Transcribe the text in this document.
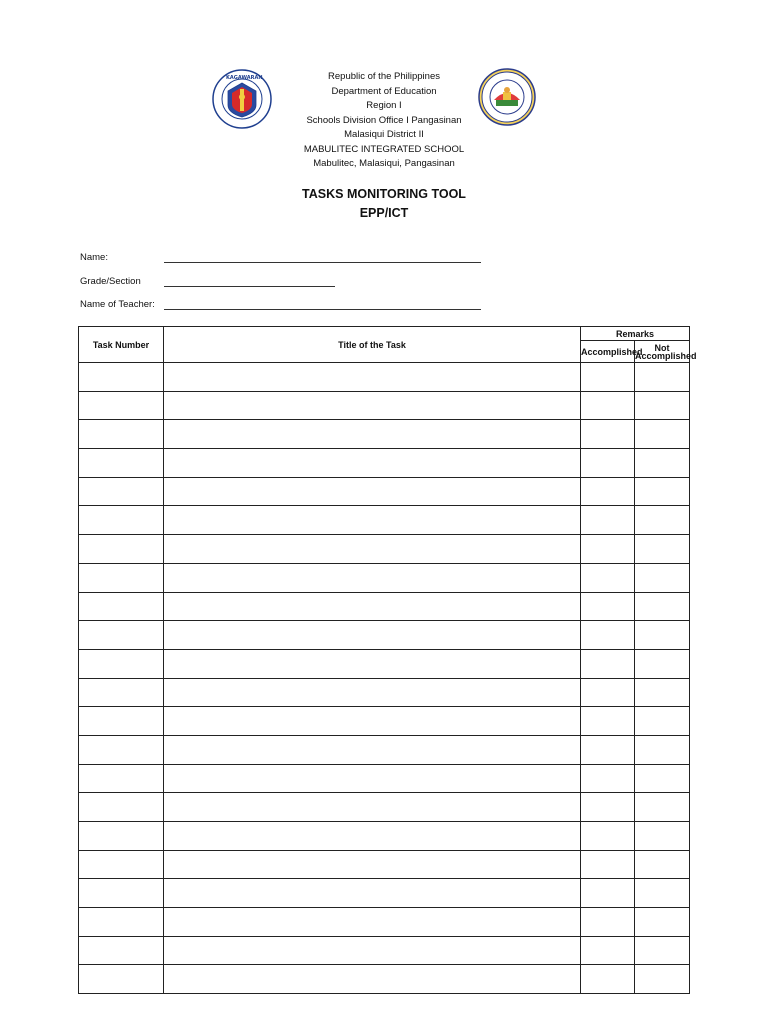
KAGAWARAN	Republic of the Philippines
Department of Education
Region I
Schools Division Office I Pangasinan
Malasiqui District II
MABULITEC INTEGRATED SCHOOL
Mabulitec, Malasiqui, Pangasinan
TASKS MONITORING TOOL
EPP/ICT
Name:
Grade/Section
Name of Teacher:
Task Number	Title of the Task	Remarks	
		Accomplished	Not Accomplished
